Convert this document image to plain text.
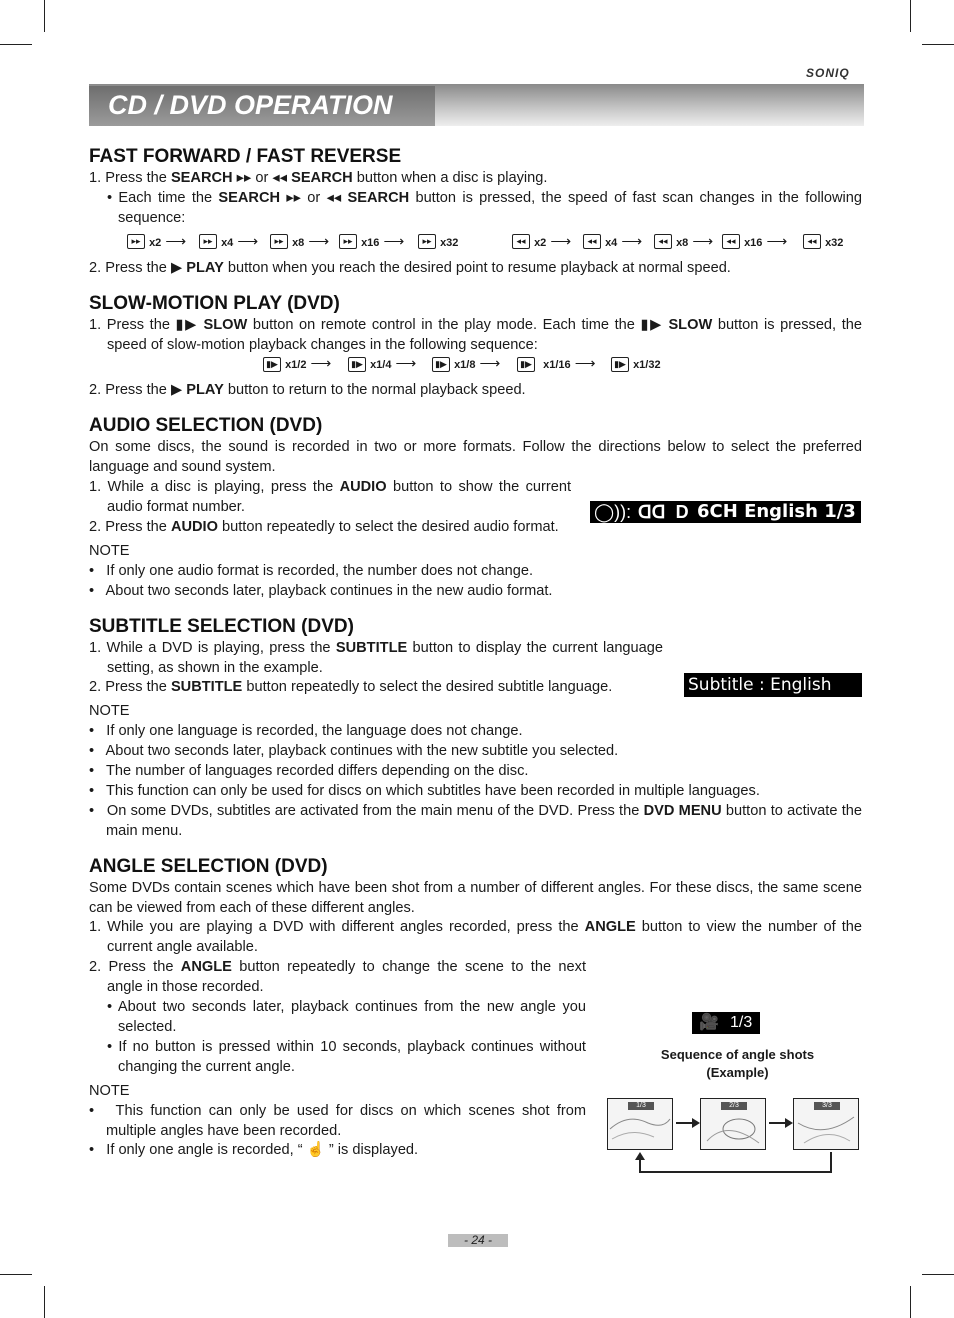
SONIQ
CD / DVD OPERATION
◯)): ᗡᗡ  D 6CH English 1/3
Subtitle : English 1/5
🎥 1/3
Sequence of angle shots
(Example)
1/3	2/3	3/3
FAST FORWARD / FAST REVERSE

1. Press the SEARCH ▸▸ or ◂◂ SEARCH button when a disc is playing.

• Each time the SEARCH ▸▸ or ◂◂ SEARCH button is pressed, the speed of fast scan changes in the following sequence:

▸▸ x2 ⟶	▸▸ x4 ⟶	▸▸ x8 ⟶	▸▸ x16 ⟶	▸▸ x32	◂◂ x2 ⟶	◂◂ x4 ⟶	◂◂ x8 ⟶	◂◂ x16 ⟶	◂◂ x32

2. Press the ▶ PLAY button when you reach the desired point to resume playback at normal speed.

SLOW-MOTION PLAY (DVD)

1. Press the ▮▶ SLOW button on remote control in the play mode. Each time the ▮▶ SLOW button is pressed, the speed of slow-motion playback changes in the following sequence:

▮▶ x1/2 ⟶	▮▶ x1/4 ⟶	▮▶ x1/8 ⟶	▮▶ x1/16 ⟶	▮▶ x1/32

2. Press the ▶ PLAY button to return to the normal playback speed.

AUDIO SELECTION (DVD)

On some discs, the sound is recorded in two or more formats. Follow the directions below to select the preferred language and sound system.

1. While a disc is playing, press the AUDIO button to show the current audio format number.

2. Press the AUDIO button repeatedly to select the desired audio format.

NOTE

•   If only one audio format is recorded, the number does not change.

•   About two seconds later, playback continues in the new audio format.

SUBTITLE SELECTION (DVD)

1. While a DVD is playing, press the SUBTITLE button to display the current language setting, as shown in the example.

2. Press the SUBTITLE button repeatedly to select the desired subtitle language.

NOTE

•   If only one language is recorded, the language does not change.

•   About two seconds later, playback continues with the new subtitle you selected.

•   The number of languages recorded differs depending on the disc.

•   This function can only be used for discs on which subtitles have been recorded in multiple languages.

•   On some DVDs, subtitles are activated from the main menu of the DVD. Press the DVD MENU button to activate the main menu.

ANGLE SELECTION (DVD)

Some DVDs contain scenes which have been shot from a number of different angles. For these discs, the same scene can be viewed from each of these different angles.

1. While you are playing a DVD with different angles recorded, press the ANGLE button to view the number of the current angle available.

2. Press the ANGLE button repeatedly to change the scene to the next angle in those recorded.

• About two seconds later, playback continues from the new angle you selected.

• If no button is pressed within 10 seconds, playback continues without changing the current angle.

NOTE

•   This function can only be used for discs on which scenes shot from multiple angles have been recorded.

•   If only one angle is recorded, “ ☝ ” is displayed.

- 24 -
